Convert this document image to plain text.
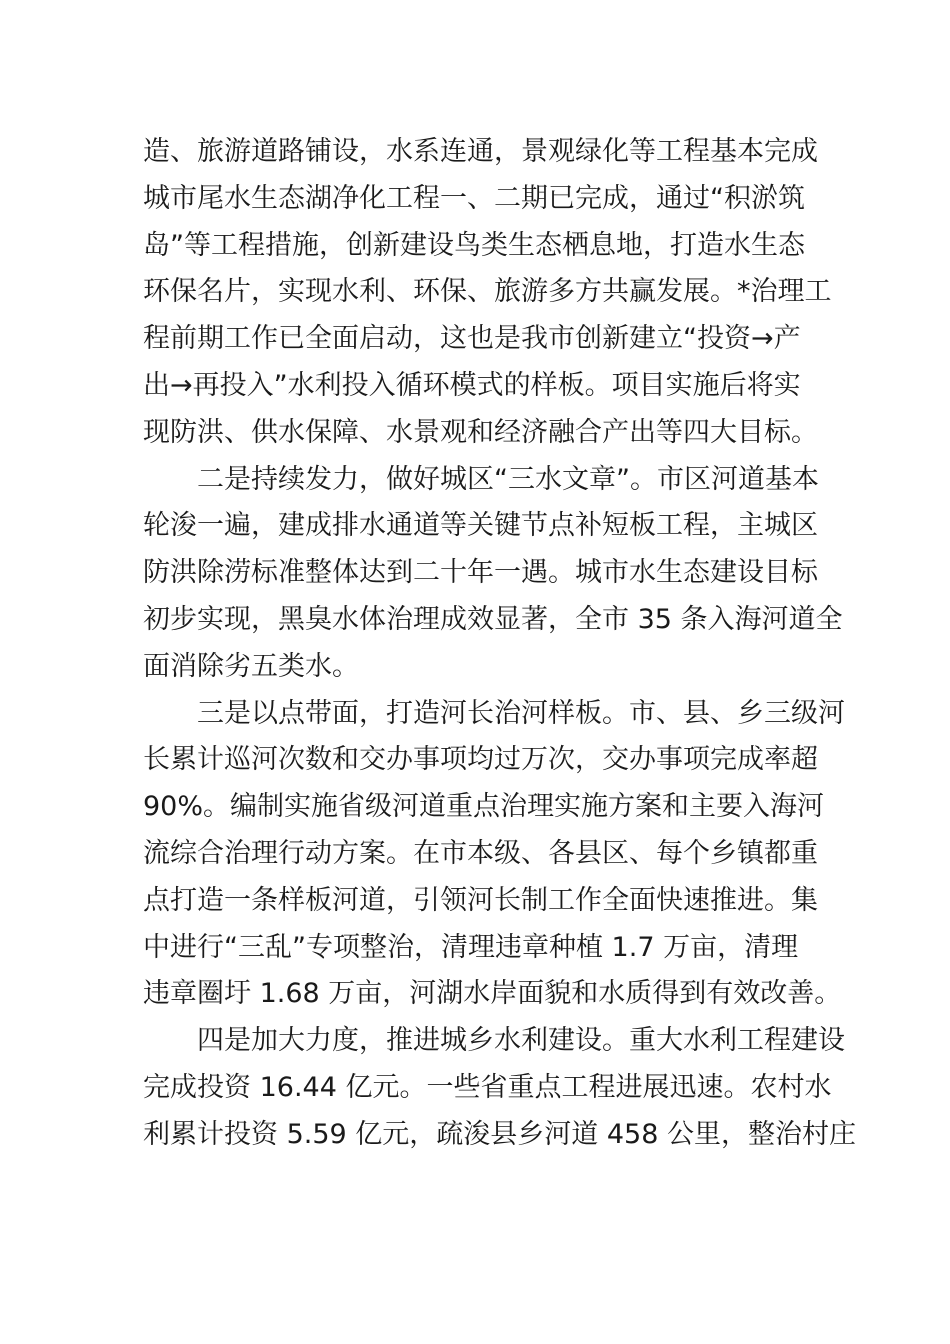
造、旅游道路铺设，水系连通，景观绿化等工程基本完成
城市尾水生态湖净化工程一、二期已完成，通过“积淤筑
岛”等工程措施，创新建设鸟类生态栖息地，打造水生态
环保名片，实现水利、环保、旅游多方共赢发展。*治理工
程前期工作已全面启动，这也是我市创新建立“投资→产
出→再投入”水利投入循环模式的样板。项目实施后将实
现防洪、供水保障、水景观和经济融合产出等四大目标。
二是持续发力，做好城区“三水文章”。市区河道基本
轮浚一遍，建成排水通道等关键节点补短板工程，主城区
防洪除涝标准整体达到二十年一遇。城市水生态建设目标
初步实现，黑臭水体治理成效显著，全市 35 条入海河道全
面消除劣五类水。
三是以点带面，打造河长治河样板。市、县、乡三级河
长累计巡河次数和交办事项均过万次，交办事项完成率超
90%。编制实施省级河道重点治理实施方案和主要入海河
流综合治理行动方案。在市本级、各县区、每个乡镇都重
点打造一条样板河道，引领河长制工作全面快速推进。集
中进行“三乱”专项整治，清理违章种植 1.7 万亩，清理
违章圈圩 1.68 万亩，河湖水岸面貌和水质得到有效改善。
四是加大力度，推进城乡水利建设。重大水利工程建设
完成投资 16.44 亿元。一些省重点工程进展迅速。农村水
利累计投资 5.59 亿元，疏浚县乡河道 458 公里，整治村庄
